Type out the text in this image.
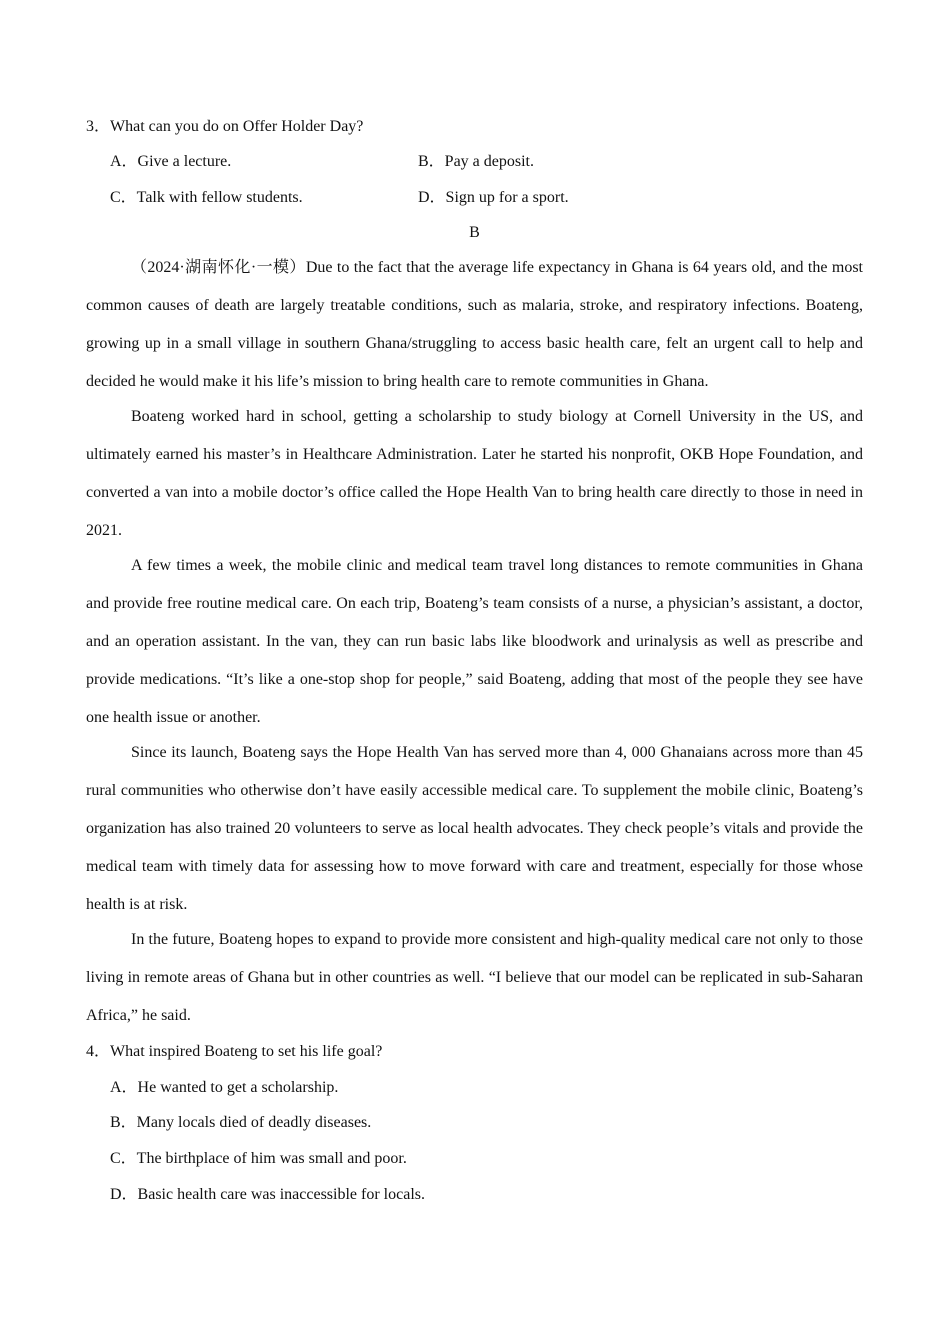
3．What can you do on Offer Holder Day?
A．Give a lecture.	B．Pay a deposit.
C．Talk with fellow students.	D．Sign up for a sport.
B

（2024·湖南怀化·一模）Due to the fact that the average life expectancy in Ghana is 64 years old, and the most common causes of death are largely treatable conditions, such as malaria, stroke, and respiratory infections. Boateng, growing up in a small village in southern Ghana/struggling to access basic health care, felt an urgent call to help and decided he would make it his life’s mission to bring health care to remote communities in Ghana.

Boateng worked hard in school, getting a scholarship to study biology at Cornell University in the US, and ultimately earned his master’s in Healthcare Administration. Later he started his nonprofit, OKB Hope Foundation, and converted a van into a mobile doctor’s office called the Hope Health Van to bring health care directly to those in need in 2021.

A few times a week, the mobile clinic and medical team travel long distances to remote communities in Ghana and provide free routine medical care. On each trip, Boateng’s team consists of a nurse, a physician’s assistant, a doctor, and an operation assistant. In the van, they can run basic labs like bloodwork and urinalysis as well as prescribe and provide medications. “It’s like a one-stop shop for people,” said Boateng, adding that most of the people they see have one health issue or another.

Since its launch, Boateng says the Hope Health Van has served more than 4, 000 Ghanaians across more than 45 rural communities who otherwise don’t have easily accessible medical care. To supplement the mobile clinic, Boateng’s organization has also trained 20 volunteers to serve as local health advocates. They check people’s vitals and provide the medical team with timely data for assessing how to move forward with care and treatment, especially for those whose health is at risk.

In the future, Boateng hopes to expand to provide more consistent and high-quality medical care not only to those living in remote areas of Ghana but in other countries as well. “I believe that our model can be replicated in sub-Saharan Africa,” he said.

4．What inspired Boateng to set his life goal?
A．He wanted to get a scholarship.
B．Many locals died of deadly diseases.
C．The birthplace of him was small and poor.
D．Basic health care was inaccessible for locals.
